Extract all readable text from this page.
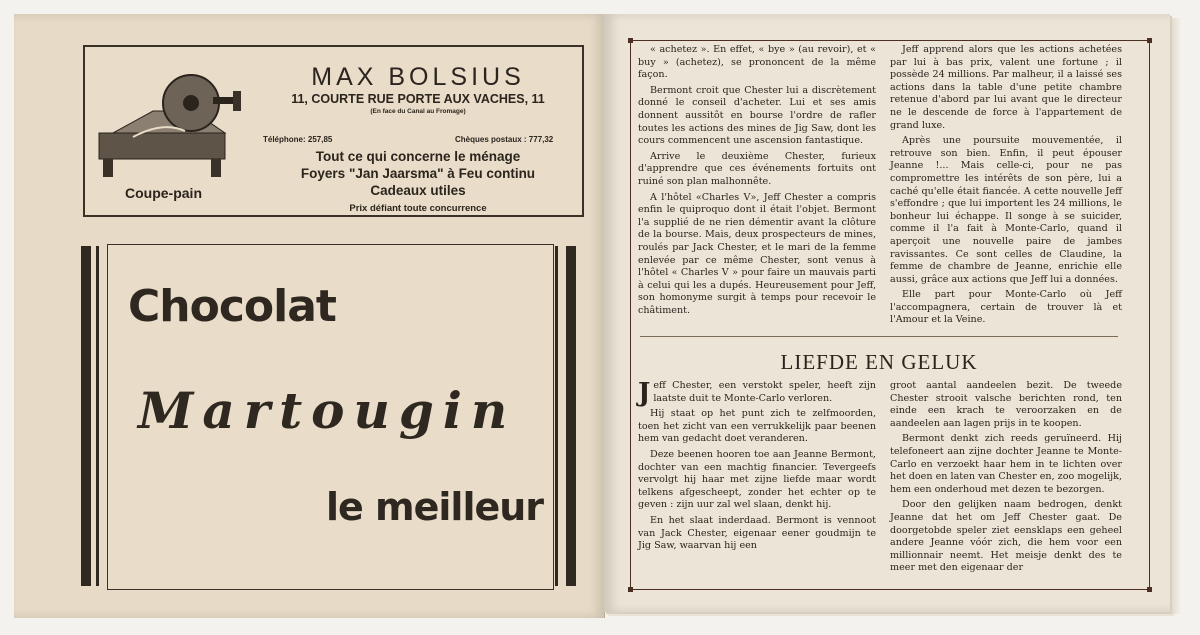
Coupe-pain
MAX BOLSIUS
11, COURTE RUE PORTE AUX VACHES, 11
(En face du Canal au Fromage)
Téléphone: 257,85	Chèques postaux : 777,32
Tout ce qui concerne le ménage
Foyers "Jan Jaarsma" à Feu continu
Cadeaux utiles
Prix défiant toute concurrence
Chocolat
Martougin
le meilleur

« achetez ». En effet, « bye » (au revoir), et « buy » (achetez), se prononcent de la même façon.

Bermont croit que Chester lui a discrètement donné le conseil d'acheter. Lui et ses amis donnent aussitôt en bourse l'ordre de rafler toutes les actions des mines de Jig Saw, dont les cours commencent une ascension fantastique.

Arrive le deuxième Chester, furieux d'apprendre que ces événements fortuits ont ruiné son plan malhonnête.

A l'hôtel «Charles V», Jeff Chester a compris enfin le quiproquo dont il était l'objet. Bermont l'a supplié de ne rien démentir avant la clôture de la bourse. Mais, deux prospecteurs de mines, roulés par Jack Chester, et le mari de la femme enlevée par ce même Chester, sont venus à l'hôtel « Charles V » pour faire un mauvais parti à celui qui les a dupés. Heureusement pour Jeff, son homonyme surgit à temps pour recevoir le châtiment.

Jeff apprend alors que les actions achetées par lui à bas prix, valent une fortune ; il possède 24 millions. Par malheur, il a laissé ses actions dans la table d'une petite chambre retenue d'abord par lui avant que le directeur ne le descende de force à l'appartement de grand luxe.

Après une poursuite mouvementée, il retrouve son bien. Enfin, il peut épouser Jeanne !... Mais celle-ci, pour ne pas compromettre les intérêts de son père, lui a caché qu'elle était fiancée. A cette nouvelle Jeff s'effondre ; que lui importent les 24 millions, le bonheur lui échappe. Il songe à se suicider, comme il l'a fait à Monte-Carlo, quand il aperçoit une nouvelle paire de jambes ravissantes. Ce sont celles de Claudine, la femme de chambre de Jeanne, enrichie elle aussi, grâce aux actions que Jeff lui a données.

Elle part pour Monte-Carlo où Jeff l'accompagnera, certain de trouver là et l'Amour et la Veine.

LIEFDE EN GELUK

Jeff Chester, een verstokt speler, heeft zijn laatste duit te Monte-Carlo verloren.

Hij staat op het punt zich te zelfmoorden, toen het zicht van een verrukkelijk paar beenen hem van gedacht doet veranderen.

Deze beenen hooren toe aan Jeanne Bermont, dochter van een machtig financier. Tevergeefs vervolgt hij haar met zijne liefde maar wordt telkens afgescheept, zonder het echter op te geven : zijn uur zal wel slaan, denkt hij.

En het slaat inderdaad. Bermont is vennoot van Jack Chester, eigenaar eener goudmijn te Jig Saw, waarvan hij een

groot aantal aandeelen bezit. De tweede Chester strooit valsche berichten rond, ten einde een krach te veroorzaken en de aandeelen aan lagen prijs in te koopen.

Bermont denkt zich reeds geruïneerd. Hij telefoneert aan zijne dochter Jeanne te Monte-Carlo en verzoekt haar hem in te lichten over het doen en laten van Chester en, zoo mogelijk, hem een onderhoud met dezen te bezorgen.

Door den gelijken naam bedrogen, denkt Jeanne dat het om Jeff Chester gaat. De doorgetobde speler ziet eensklaps een geheel andere Jeanne vóór zich, die hem voor een millionnair neemt. Het meisje denkt des te meer met den eigenaar der
